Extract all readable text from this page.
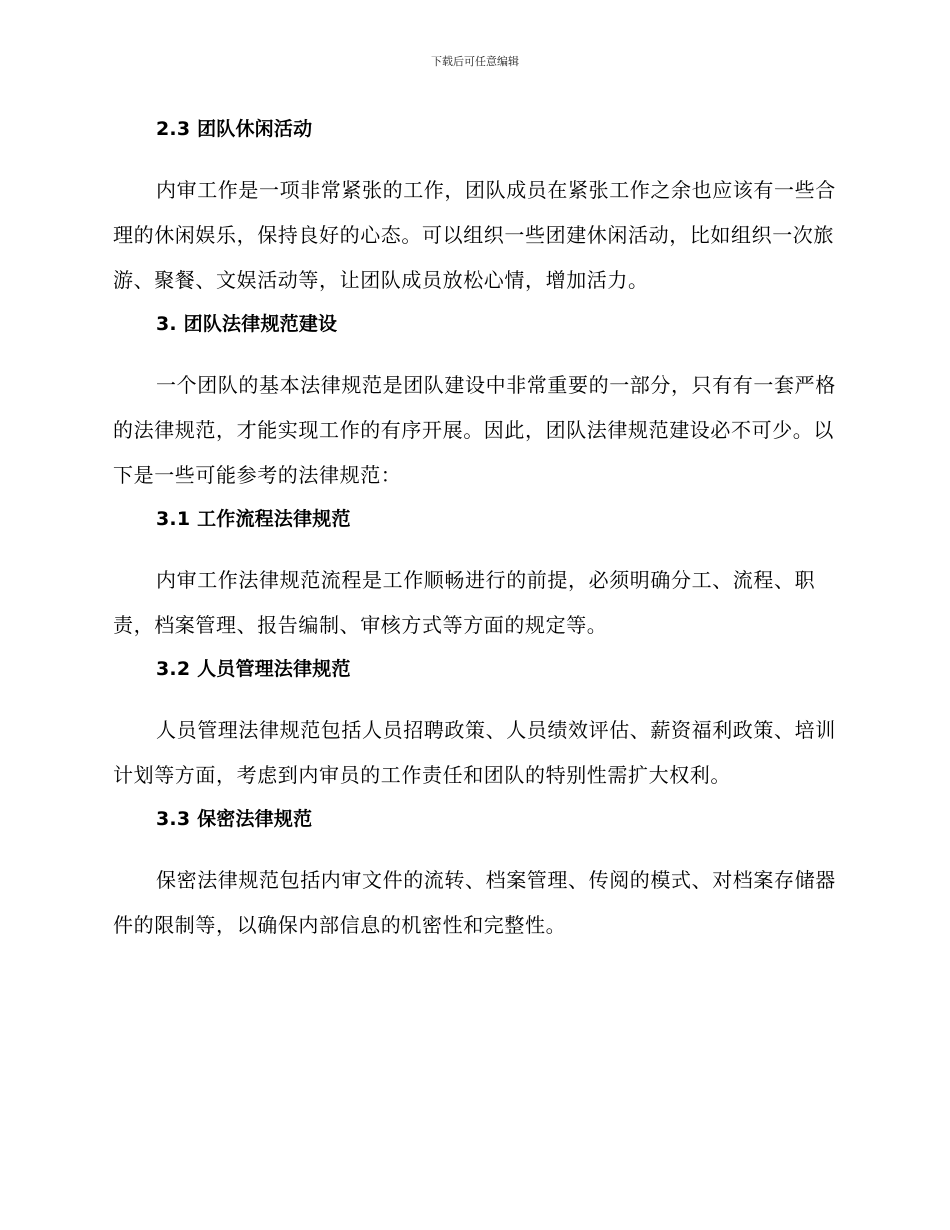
下载后可任意编辑
2.3 团队休闲活动

内审工作是一项非常紧张的工作，团队成员在紧张工作之余也应该有一些合理的休闲娱乐，保持良好的心态。可以组织一些团建休闲活动，比如组织一次旅游、聚餐、文娱活动等，让团队成员放松心情，增加活力。

3. 团队法律规范建设

一个团队的基本法律规范是团队建设中非常重要的一部分，只有有一套严格的法律规范，才能实现工作的有序开展。因此，团队法律规范建设必不可少。以下是一些可能参考的法律规范：

3.1 工作流程法律规范

内审工作法律规范流程是工作顺畅进行的前提，必须明确分工、流程、职责，档案管理、报告编制、审核方式等方面的规定等。

3.2 人员管理法律规范

人员管理法律规范包括人员招聘政策、人员绩效评估、薪资福利政策、培训计划等方面，考虑到内审员的工作责任和团队的特别性需扩大权利。

3.3 保密法律规范

保密法律规范包括内审文件的流转、档案管理、传阅的模式、对档案存储器件的限制等，以确保内部信息的机密性和完整性。
